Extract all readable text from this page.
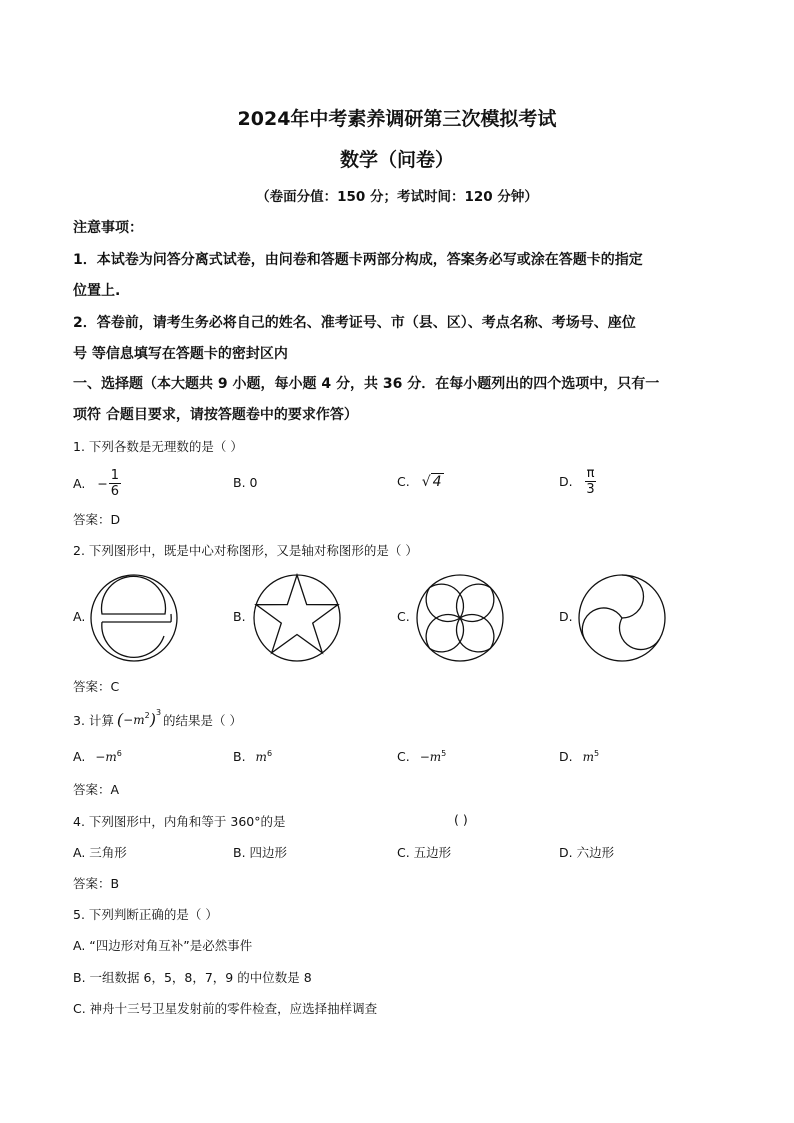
2024年中考素养调研第三次模拟考试
数学（问卷）
（卷面分值：150 分；考试时间：120 分钟）
注意事项：
1．本试卷为问答分离式试卷，由问卷和答题卡两部分构成，答案务必写或涂在答题卡的指定
位置上.
2．答卷前，请考生务必将自己的姓名、准考证号、市（县、区）、考点名称、考场号、座位
号 等信息填写在答题卡的密封区内
一、选择题（本大题共 9 小题，每小题 4 分，共 36 分．在每小题列出的四个选项中，只有一
项符 合题目要求，请按答题卷中的要求作答）
1. 下列各数是无理数的是（ ）
A. − $\frac{1}{6}$	B. 0	C. √ 4	D. $\frac{\pi}{3}$
答案：D
2. 下列图形中，既是中心对称图形，又是轴对称图形的是（ ）
A.	B.	C.	D.
答案：C
3. 计算 ( $-m^2$ )$^3$ 的结果是（ ）
A. $-m^6$	B. $m^6$	C. $-m^5$	D. $m^5$
答案：A
4. 下列图形中，内角和等于 360°的是	( )
A. 三角形	B. 四边形	C. 五边形	D. 六边形
答案：B
5. 下列判断正确的是（ ）
A. “四边形对角互补”是必然事件
B. 一组数据 6，5，8，7，9 的中位数是 8
C. 神舟十三号卫星发射前的零件检查，应选择抽样调查
